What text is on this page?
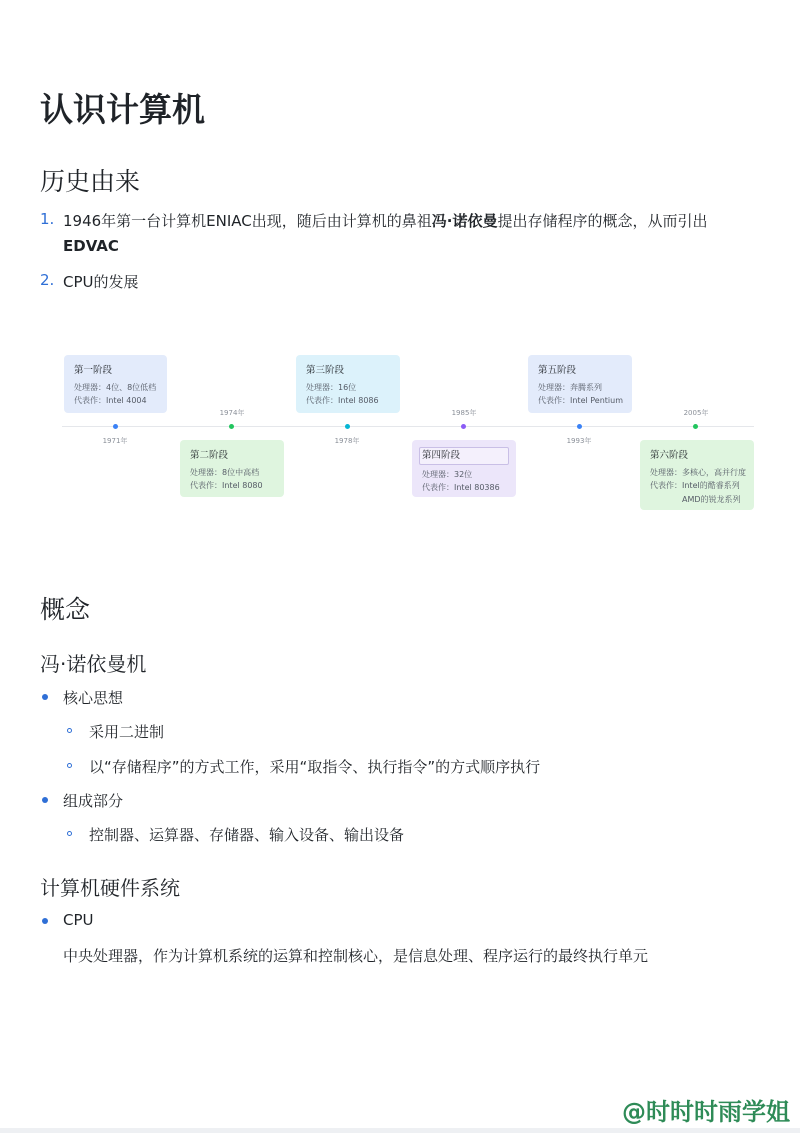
认识计算机
历史由来
1. 1946年第一台计算机ENIAC出现，随后由计算机的鼻祖冯·诺依曼提出存储程序的概念，从而引出
EDVAC
2. CPU的发展
第一阶段
处理器：4位、8位低档
代表作：Intel 4004
1971年
1974年
第二阶段
处理器：8位中高档
代表作：Intel 8080
第三阶段
处理器：16位
代表作：Intel 8086
1978年
1985年
第四阶段
处理器：32位
代表作：Intel 80386
第五阶段
处理器：奔腾系列
代表作：Intel Pentium
1993年
2005年
第六阶段
处理器：多核心，高并行度
代表作：Intel的酷睿系列
AMD的锐龙系列
概念
冯·诺依曼机
核心思想
采用二进制
以“存储程序”的方式工作，采用“取指令、执行指令”的方式顺序执行
组成部分
控制器、运算器、存储器、输入设备、输出设备
计算机硬件系统
CPU
中央处理器，作为计算机系统的运算和控制核心，是信息处理、程序运行的最终执行单元
@时时时雨学姐
